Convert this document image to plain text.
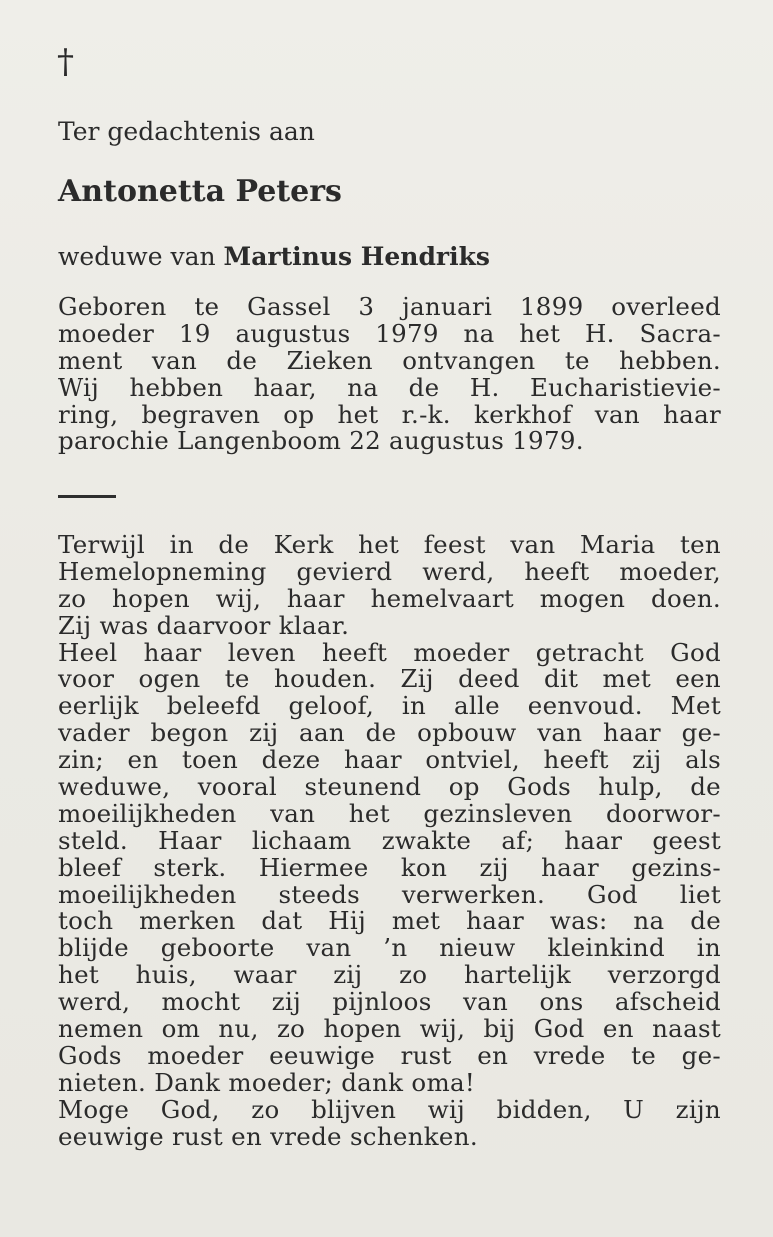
†
Ter gedachtenis aan
Antonetta Peters
weduwe van Martinus Hendriks
Geboren te Gassel 3 januari 1899 overleed
moeder 19 augustus 1979 na het H. Sacra-
ment van de Zieken ontvangen te hebben.
Wij hebben haar, na de H. Eucharistievie-
ring, begraven op het r.-k. kerkhof van haar
parochie Langenboom 22 augustus 1979.
Terwijl in de Kerk het feest van Maria ten
Hemelopneming gevierd werd, heeft moeder,
zo hopen wij, haar hemelvaart mogen doen.
Zij was daarvoor klaar.
Heel haar leven heeft moeder getracht God
voor ogen te houden. Zij deed dit met een
eerlijk beleefd geloof, in alle eenvoud. Met
vader begon zij aan de opbouw van haar ge-
zin; en toen deze haar ontviel, heeft zij als
weduwe, vooral steunend op Gods hulp, de
moeilijkheden van het gezinsleven doorwor-
steld. Haar lichaam zwakte af; haar geest
bleef sterk. Hiermee kon zij haar gezins-
moeilijkheden steeds verwerken. God liet
toch merken dat Hij met haar was: na de
blijde geboorte van ’n nieuw kleinkind in
het huis, waar zij zo hartelijk verzorgd
werd, mocht zij pijnloos van ons afscheid
nemen om nu, zo hopen wij, bij God en naast
Gods moeder eeuwige rust en vrede te ge-
nieten. Dank moeder; dank oma!
Moge God, zo blijven wij bidden, U zijn
eeuwige rust en vrede schenken.
